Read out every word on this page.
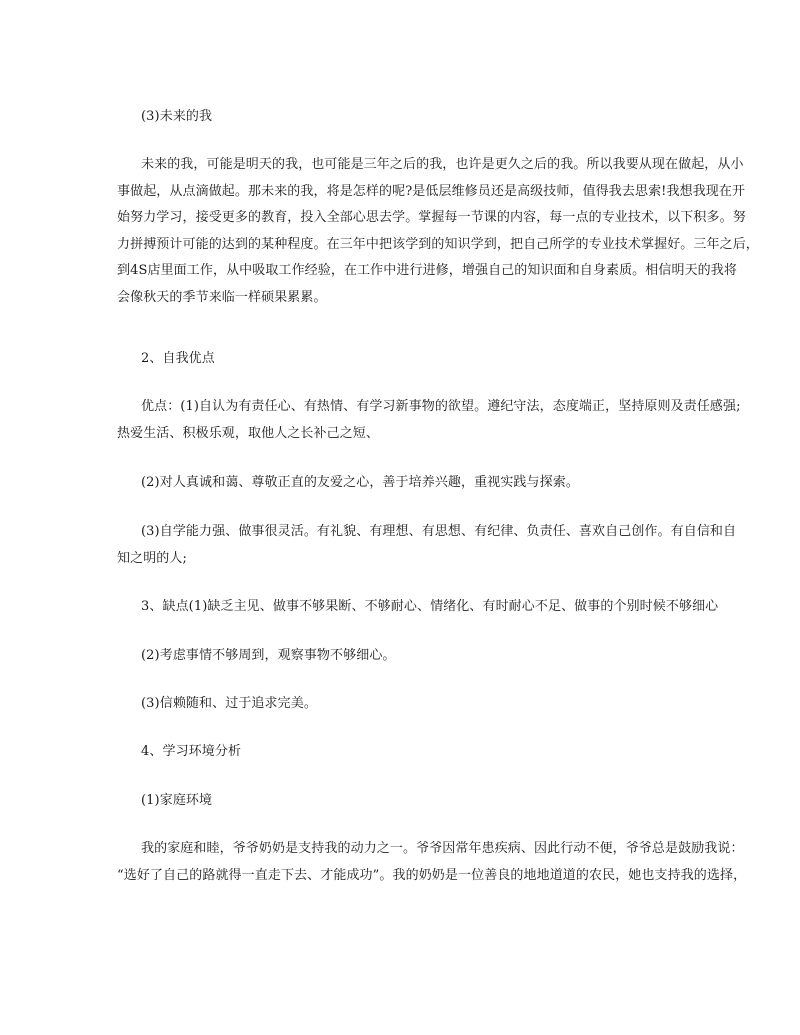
(3)未来的我

未来的我，可能是明天的我，也可能是三年之后的我，也许是更久之后的我。所以我要从现在做起，从小
事做起，从点滴做起。那未来的我，将是怎样的呢?是低层维修员还是高级技师，值得我去思索!我想我现在开
始努力学习，接受更多的教育，投入全部心思去学。掌握每一节课的内容，每一点的专业技术，以下积多。努
力拼搏预计可能的达到的某种程度。在三年中把该学到的知识学到，把自己所学的专业技术掌握好。三年之后，
到4S店里面工作，从中吸取工作经验，在工作中进行进修，增强自己的知识面和自身素质。相信明天的我将
会像秋天的季节来临一样硕果累累。

2、自我优点

优点：(1)自认为有责任心、有热情、有学习新事物的欲望。遵纪守法，态度端正，坚持原则及责任感强;
热爱生活、积极乐观，取他人之长补己之短、

(2)对人真诚和蔼、尊敬正直的友爱之心，善于培养兴趣，重视实践与探索。

(3)自学能力强、做事很灵活。有礼貌、有理想、有思想、有纪律、负责任、喜欢自己创作。有自信和自
知之明的人;

3、缺点(1)缺乏主见、做事不够果断、不够耐心、情绪化、有时耐心不足、做事的个别时候不够细心

(2)考虑事情不够周到，观察事物不够细心。

(3)信赖随和、过于追求完美。

4、学习环境分析

(1)家庭环境

我的家庭和睦，爷爷奶奶是支持我的动力之一。爷爷因常年患疾病、因此行动不便，爷爷总是鼓励我说：
“选好了自己的路就得一直走下去、才能成功”。我的奶奶是一位善良的地地道道的农民，她也支持我的选择，
